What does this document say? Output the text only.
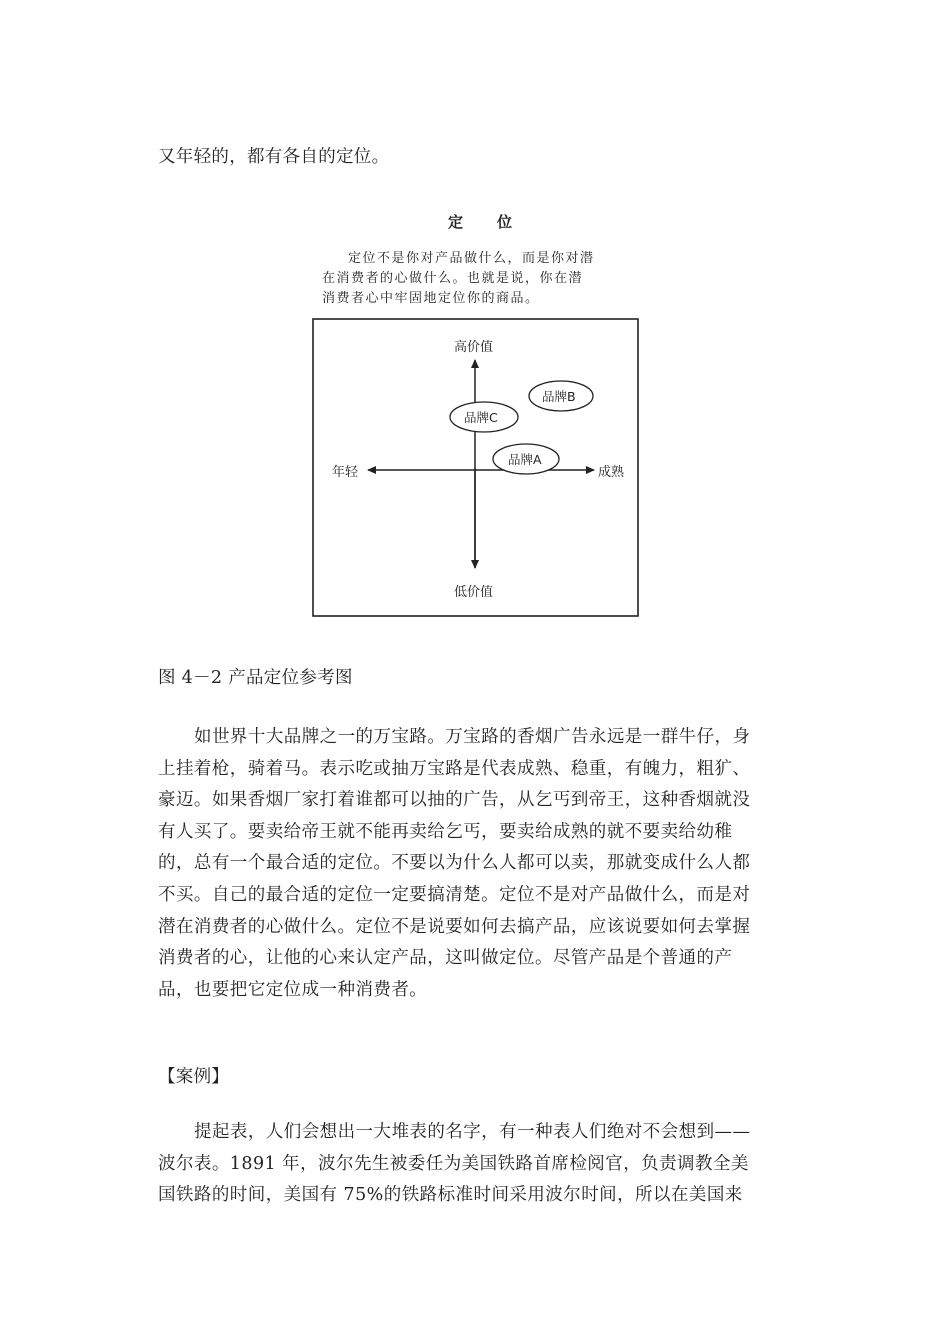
又年轻的，都有各自的定位。
定位
定位不是你对产品做什么，而是你对潜
在消费者的心做什么。也就是说，你在潜
消费者心中牢固地定位你的商品。
高价值
低价值
年轻	成熟
品牌B
品牌C
品牌A
图 4－2 产品定位参考图
如世界十大品牌之一的万宝路。万宝路的香烟广告永远是一群牛仔，身
上挂着枪，骑着马。表示吃或抽万宝路是代表成熟、稳重，有魄力，粗犷、
豪迈。如果香烟厂家打着谁都可以抽的广告，从乞丐到帝王，这种香烟就没
有人买了。要卖给帝王就不能再卖给乞丐，要卖给成熟的就不要卖给幼稚
的，总有一个最合适的定位。不要以为什么人都可以卖，那就变成什么人都
不买。自己的最合适的定位一定要搞清楚。定位不是对产品做什么，而是对
潜在消费者的心做什么。定位不是说要如何去搞产品，应该说要如何去掌握
消费者的心，让他的心来认定产品，这叫做定位。尽管产品是个普通的产
品，也要把它定位成一种消费者。
【案例】
提起表，人们会想出一大堆表的名字，有一种表人们绝对不会想到——
波尔表。1891 年，波尔先生被委任为美国铁路首席检阅官，负责调教全美
国铁路的时间，美国有 75%的铁路标准时间采用波尔时间，所以在美国来
